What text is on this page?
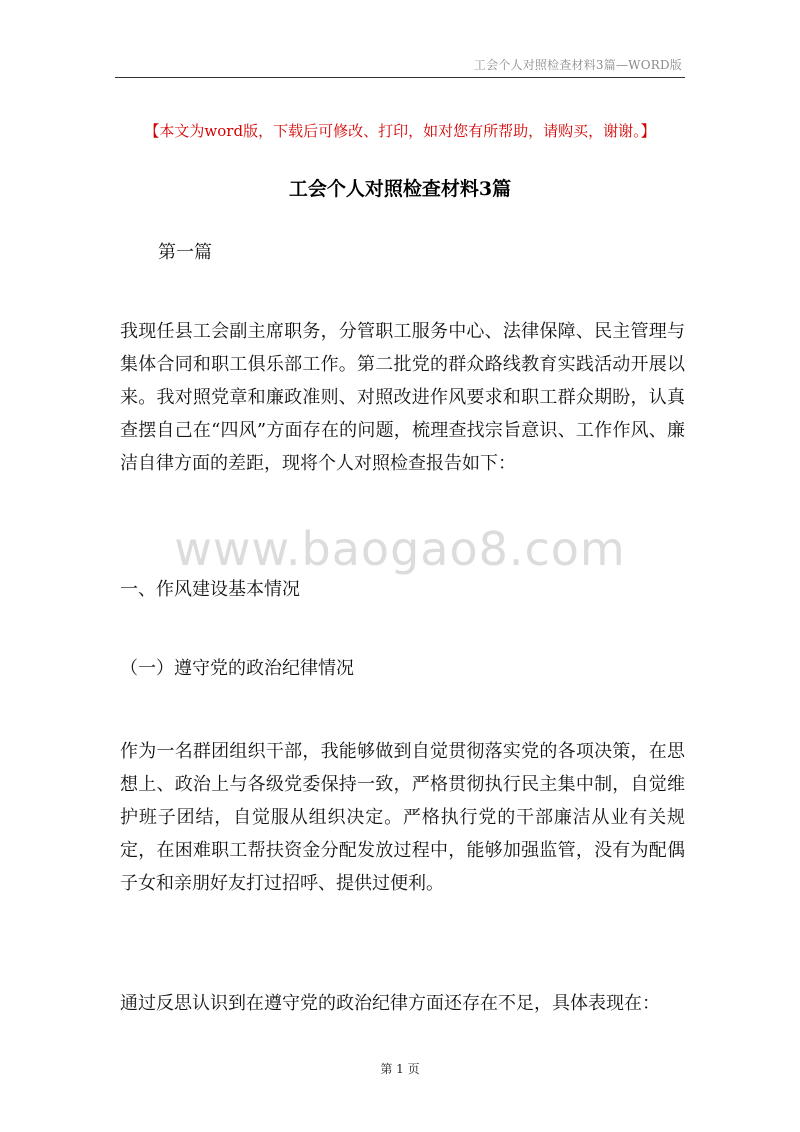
工会个人对照检查材料3篇—WORD版
【本文为word版，下载后可修改、打印，如对您有所帮助，请购买，谢谢。】
工会个人对照检查材料3篇

第一篇

我现任县工会副主席职务，分管职工服务中心、法律保障、民主管理与集体合同和职工俱乐部工作。第二批党的群众路线教育实践活动开展以来。我对照党章和廉政准则、对照改进作风要求和职工群众期盼，认真查摆自己在“四风”方面存在的问题，梳理查找宗旨意识、工作作风、廉洁自律方面的差距，现将个人对照检查报告如下：

www.baogao8.com

一、作风建设基本情况

（一）遵守党的政治纪律情况

作为一名群团组织干部，我能够做到自觉贯彻落实党的各项决策，在思想上、政治上与各级党委保持一致，严格贯彻执行民主集中制，自觉维护班子团结，自觉服从组织决定。严格执行党的干部廉洁从业有关规定，在困难职工帮扶资金分配发放过程中，能够加强监管，没有为配偶子女和亲朋好友打过招呼、提供过便利。

通过反思认识到在遵守党的政治纪律方面还存在不足，具体表现在：

第 1 页
